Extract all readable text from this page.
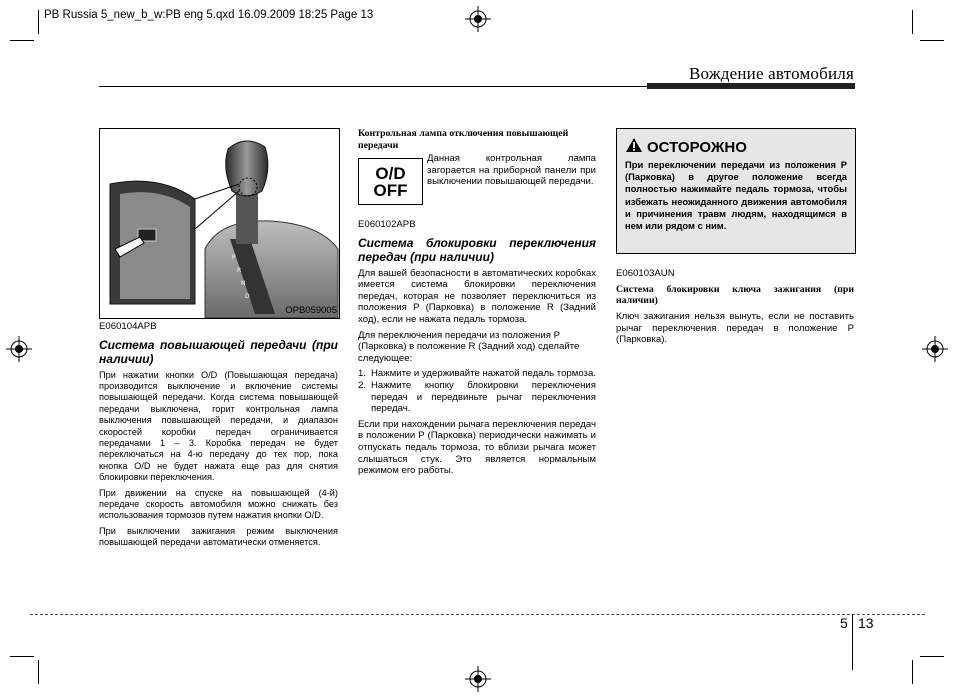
PB Russia 5_new_b_w:PB eng 5.qxd 16.09.2009 18:25 Page 13
Вождение автомобиля
P
R
N
D
OPB059005
E060104APB
Система повышающей передачи (при наличии)

При нажатии кнопки O/D (Повышающая передача) производится выключение и включение системы повышающей передачи. Когда система повышающей передачи выключена, горит контрольная лампа выключения повышающей передачи, и диапазон скоростей коробки передач ограничивается передачами 1 – 3. Коробка передач не будет переключаться на 4-ю передачу до тех пор, пока кнопка O/D не будет нажата еще раз для снятия блокировки переключения.

При движении на спуске на повышающей (4-й) передаче скорость автомобиля можно снижать без использования тормозов путем нажатия кнопки O/D.

При выключении зажигания режим выключения повышающей передачи автоматически отменяется.

Контрольная лампа отключения повышающей передачи
O/D
OFF
Данная контрольная лампа загорается на приборной панели при выключении повышающей передачи.
E060102APB
Система блокировки переключения передач (при наличии)

Для вашей безопасности в автоматических коробках имеется система блокировки переключения передач, которая не позволяет переключиться из положения P (Парковка) в положение R (Задний ход), если не нажата педаль тормоза.

Для переключения передачи из положения P (Парковка) в положение R (Задний ход) сделайте следующее:

1. Нажмите и удерживайте нажатой педаль тормоза.
2. Нажмите кнопку блокировки переключения передач и передвиньте рычаг переключения передач.

Если при нахождении рычага переключения передач в положении P (Парковка) периодически нажимать и отпускать педаль тормоза, то вблизи рычага может слышаться стук. Это является нормальным режимом его работы.

ОСТОРОЖНО
При переключении передачи из положения P (Парковка) в другое положение всегда полностью нажимайте педаль тормоза, чтобы избежать неожиданного движения автомобиля и причинения травм людям, находящимся в нем или рядом с ним.
E060103AUN
Система блокировки ключа зажигания (при наличии)

Ключ зажигания нельзя вынуть, если не поставить рычаг переключения передач в положение P (Парковка).

5 13
